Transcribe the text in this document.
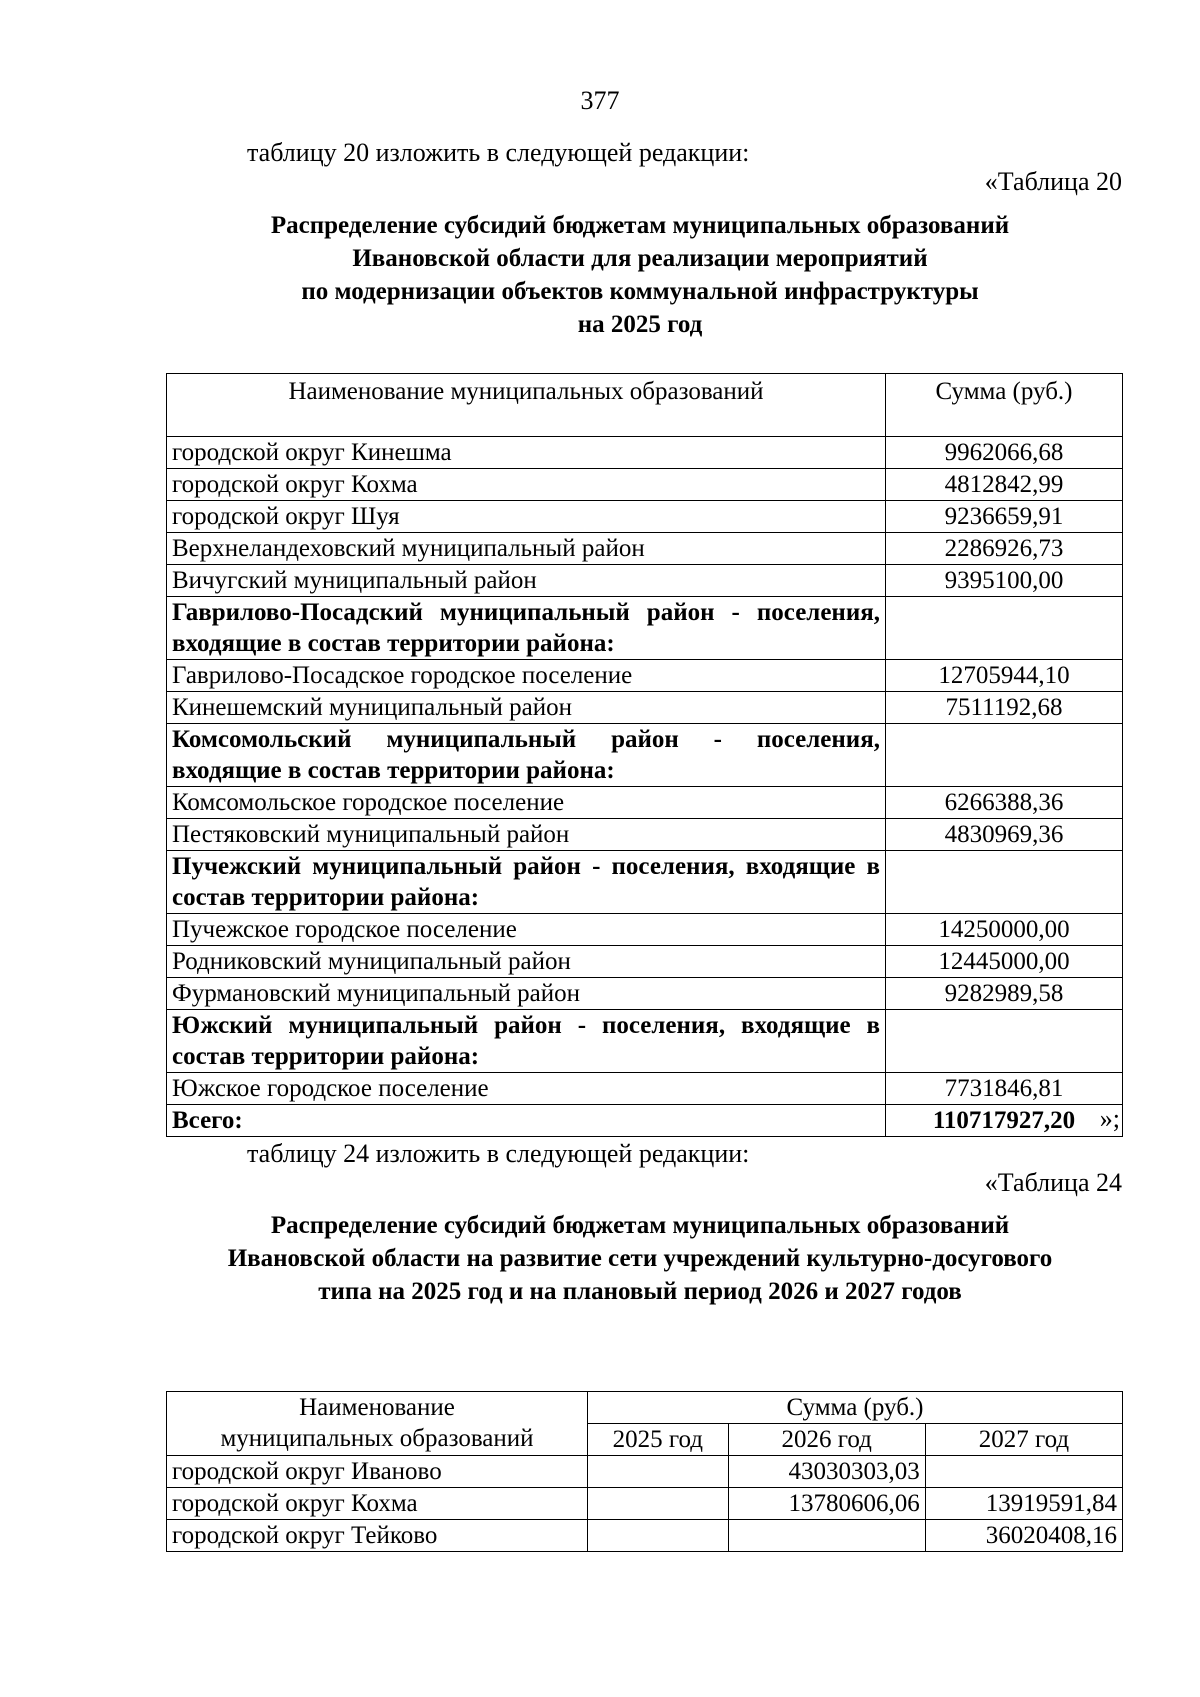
377
таблицу 20 изложить в следующей редакции:
«Таблица 20
Распределение субсидий бюджетам муниципальных образований
Ивановской области для реализации мероприятий
по модернизации объектов коммунальной инфраструктуры
на 2025 год
Наименование муниципальных образований	Сумма (руб.)
городской округ Кинешма	9962066,68
городской округ Кохма	4812842,99
городской округ Шуя	9236659,91
Верхнеландеховский муниципальный район	2286926,73
Вичугский муниципальный район	9395100,00
Гаврилово-Посадский муниципальный район - поселения, входящие в состав территории района:	
Гаврилово-Посадское городское поселение	12705944,10
Кинешемский муниципальный район	7511192,68
Комсомольский муниципальный район - поселения, входящие в состав территории района:	
Комсомольское городское поселение	6266388,36
Пестяковский муниципальный район	4830969,36
Пучежский муниципальный район - поселения, входящие в состав территории района:	
Пучежское городское поселение	14250000,00
Родниковский муниципальный район	12445000,00
Фурмановский муниципальный район	9282989,58
Южский муниципальный район - поселения, входящие в состав территории района:	
Южское городское поселение	7731846,81
Всего:	110717927,20 »;
таблицу 24 изложить в следующей редакции:
«Таблица 24
Распределение субсидий бюджетам муниципальных образований
Ивановской области на развитие сети учреждений культурно-досугового
типа на 2025 год и на плановый период 2026 и 2027 годов
Наименование
муниципальных образований	Сумма (руб.)		
	2025 год	2026 год	2027 год
городской округ Иваново		43030303,03	
городской округ Кохма		13780606,06	13919591,84
городской округ Тейково			36020408,16
